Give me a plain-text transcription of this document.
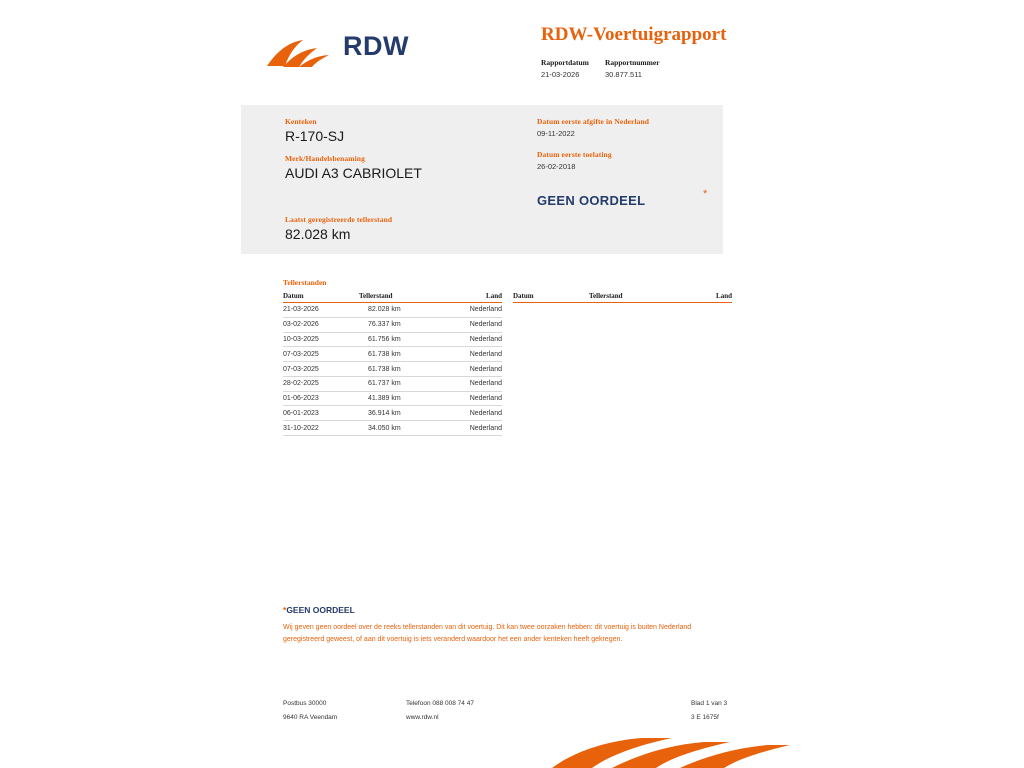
RDW	RDW-Voertuigrapport
Rapportdatum
21-03-2026
Rapportnummer
30.877.511
Kenteken
R-170-SJ
Merk/Handelsbenaming
AUDI A3 CABRIOLET
Laatst geregistreerde tellerstand
82.028 km
Datum eerste afgifte in Nederland
09-11-2022
Datum eerste toelating
26-02-2018
GEEN OORDEEL	*
Tellerstanden
Datum	Tellerstand	Land
21-03-2026	82.028 km	Nederland
03-02-2026	76.337 km	Nederland
10-03-2025	61.756 km	Nederland
07-03-2025	61.738 km	Nederland
07-03-2025	61.738 km	Nederland
28-02-2025	61.737 km	Nederland
01-06-2023	41.389 km	Nederland
06-01-2023	36.914 km	Nederland
31-10-2022	34.050 km	Nederland
Datum	Tellerstand	Land
*GEEN OORDEEL
Wij geven geen oordeel over de reeks tellerstanden van dit voertuig. Dit kan twee oorzaken hebben: dit voertuig is buiten Nederland geregistreerd geweest, of aan dit voertuig is iets veranderd waardoor het een ander kenteken heeft gekregen.
Postbus 30000
9640 RA Veendam
Telefoon 088 008 74 47
www.rdw.nl
Blad 1 van 3
3 E 1675f
